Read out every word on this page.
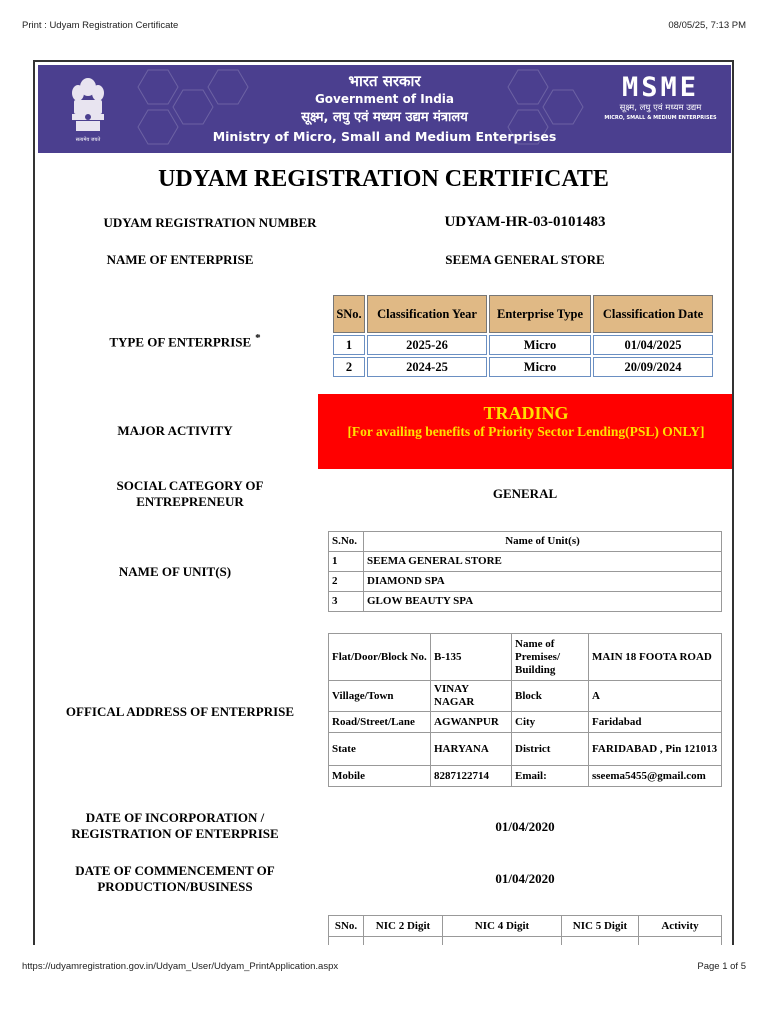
Print : Udyam Registration Certificate	08/05/25, 7:13 PM
सत्यमेव जयते
भारत सरकार
Government of India
सूक्ष्म, लघु एवं मध्यम उद्यम मंत्रालय
Ministry of Micro, Small and Medium Enterprises
MSME
सूक्ष्म, लघु एवं मध्यम उद्यम
MICRO, SMALL & MEDIUM ENTERPRISES
UDYAM REGISTRATION CERTIFICATE
UDYAM REGISTRATION NUMBER	UDYAM-HR-03-0101483
NAME OF ENTERPRISE	SEEMA GENERAL STORE
TYPE OF ENTERPRISE *
SNo.	Classification Year	Enterprise Type	Classification Date
1	2025-26	Micro	01/04/2025
2	2024-25	Micro	20/09/2024
MAJOR ACTIVITY
TRADING
[For availing benefits of Priority Sector Lending(PSL) ONLY]
SOCIAL CATEGORY OF ENTREPRENEUR
GENERAL
NAME OF UNIT(S)
S.No.	Name of Unit(s)
1	SEEMA GENERAL STORE
2	DIAMOND SPA
3	GLOW BEAUTY SPA
OFFICAL ADDRESS OF ENTERPRISE
Flat/Door/Block No.	B-135	Name of Premises/ Building	MAIN 18 FOOTA ROAD
Village/Town	VINAY NAGAR	Block	A
Road/Street/Lane	AGWANPUR	City	Faridabad
State	HARYANA	District	FARIDABAD , Pin 121013
Mobile	8287122714	Email:	sseema5455@gmail.com
DATE OF INCORPORATION / REGISTRATION OF ENTERPRISE	01/04/2020
DATE OF COMMENCEMENT OF PRODUCTION/BUSINESS
01/04/2020
SNo.	NIC 2 Digit	NIC 4 Digit	NIC 5 Digit	Activity

https://udyamregistration.gov.in/Udyam_User/Udyam_PrintApplication.aspx	Page 1 of 5
